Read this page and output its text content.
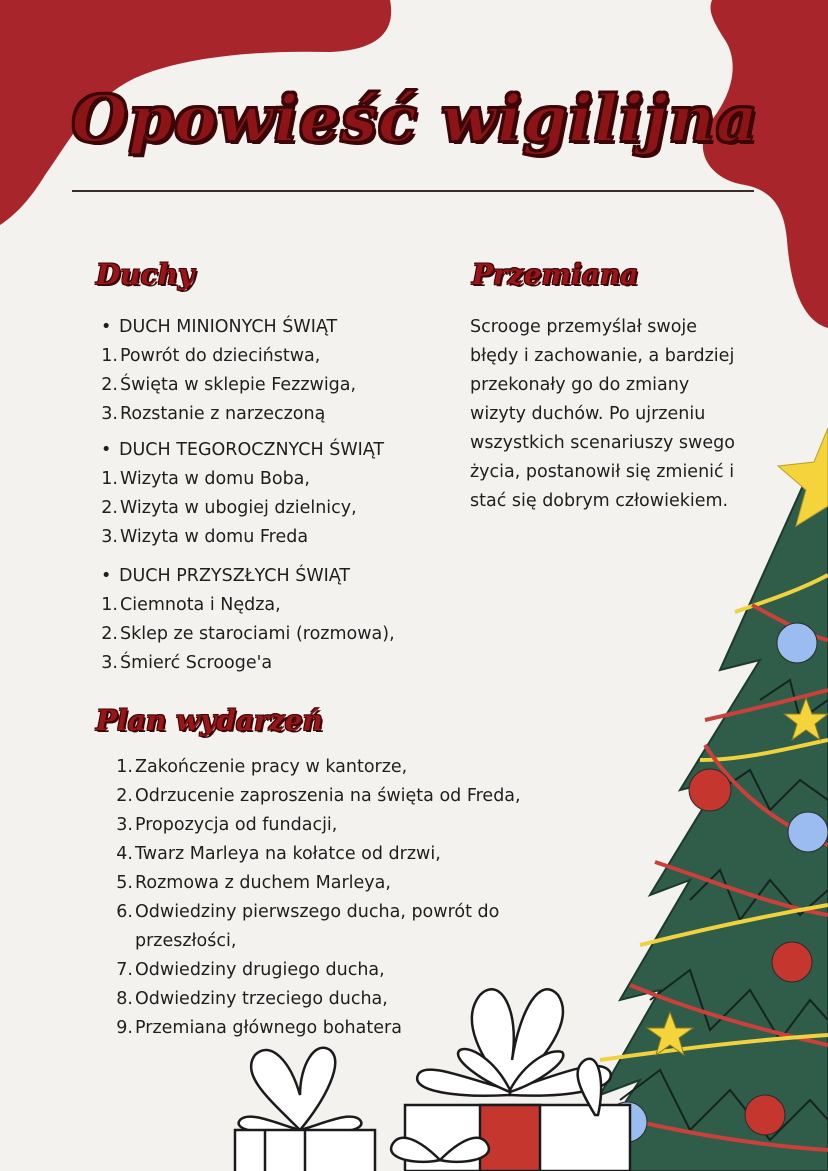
Opowieść wigilijna
Duchy
• DUCH MINIONYCH ŚWIĄT
1. Powrót do dzieciństwa,
2. Święta w sklepie Fezzwiga,
3. Rozstanie z narzeczoną
• DUCH TEGOROCZNYCH ŚWIĄT
1. Wizyta w domu Boba,
2. Wizyta w ubogiej dzielnicy,
3. Wizyta w domu Freda
• DUCH PRZYSZŁYCH ŚWIĄT
1. Ciemnota i Nędza,
2. Sklep ze starociami (rozmowa),
3. Śmierć Scrooge'a
Przemiana
Scrooge przemyślał swoje
błędy i zachowanie, a bardziej
przekonały go do zmiany
wizyty duchów. Po ujrzeniu
wszystkich scenariuszy swego
życia, postanowił się zmienić i
stać się dobrym człowiekiem.
Plan wydarzeń
1. Zakończenie pracy w kantorze,
2. Odrzucenie zaproszenia na święta od Freda,
3. Propozycja od fundacji,
4. Twarz Marleya na kołatce od drzwi,
5. Rozmowa z duchem Marleya,
6. Odwiedziny pierwszego ducha, powrót do przeszłości,
7. Odwiedziny drugiego ducha,
8. Odwiedziny trzeciego ducha,
9. Przemiana głównego bohatera
